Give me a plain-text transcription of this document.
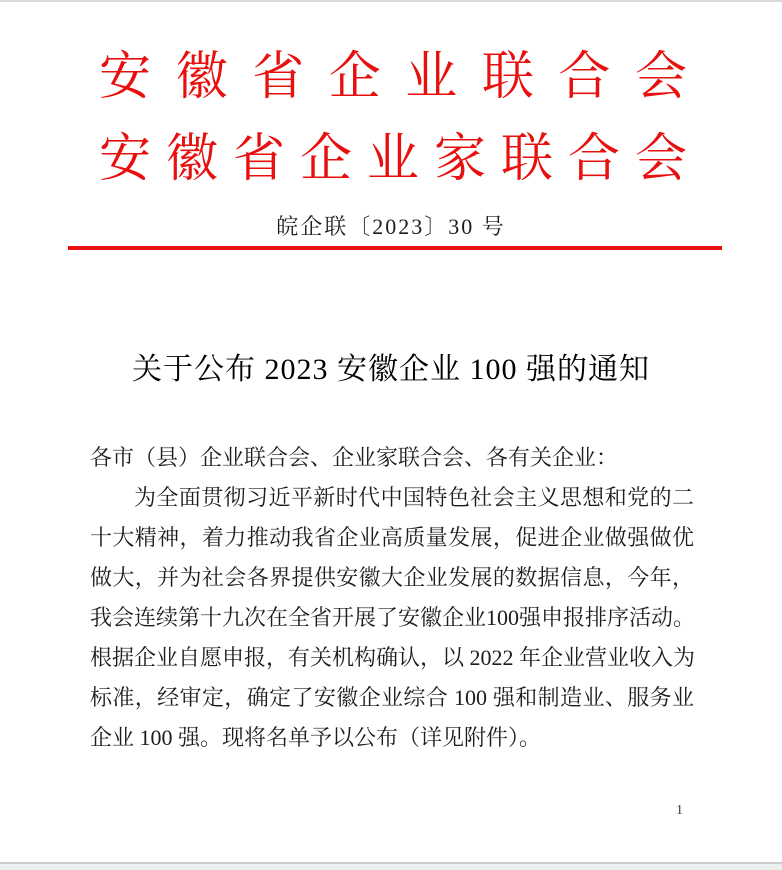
安徽省企业联合会
安徽省企业家联合会
皖企联〔2023〕30 号
关于公布 2023 安徽企业 100 强的通知
各市（县）企业联合会、企业家联合会、各有关企业：
为全面贯彻习近平新时代中国特色社会主义思想和党的二
十大精神，着力推动我省企业高质量发展，促进企业做强做优
做大，并为社会各界提供安徽大企业发展的数据信息，今年，
我会连续第十九次在全省开展了安徽企业100强申报排序活动。
根据企业自愿申报，有关机构确认，以 2022 年企业营业收入为
标准，经审定，确定了安徽企业综合 100 强和制造业、服务业
企业 100 强。现将名单予以公布（详见附件）。
1
